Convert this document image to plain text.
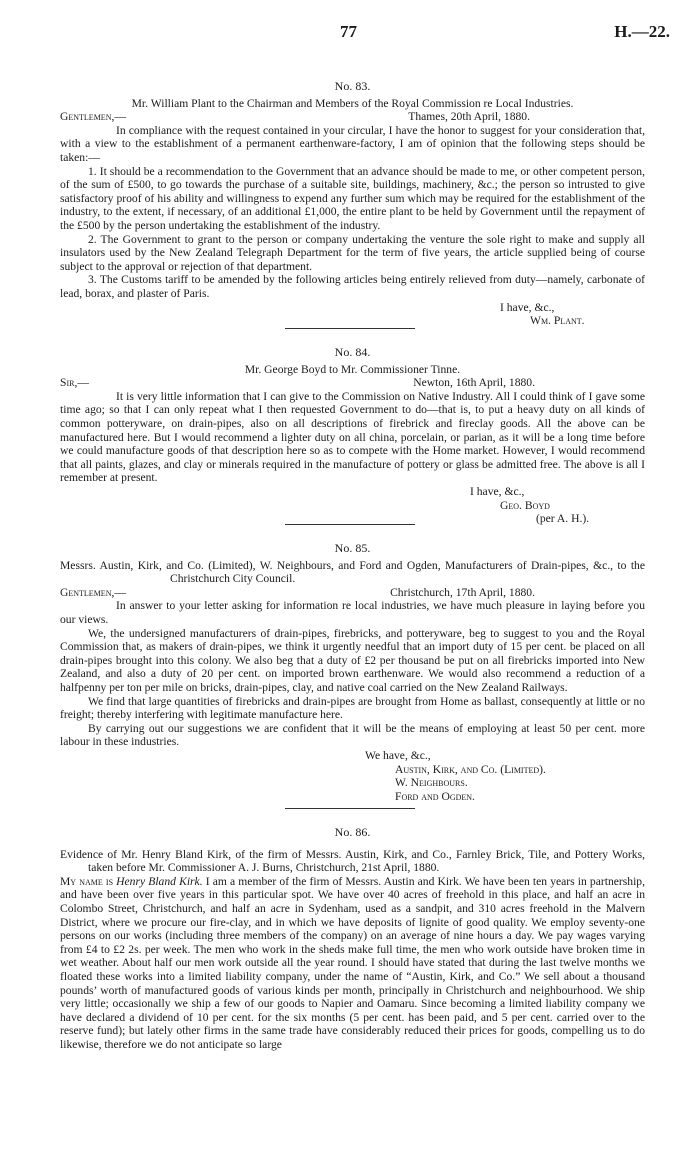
77	H.—22.

No. 83.

Mr. William Plant to the Chairman and Members of the Royal Commission re Local Industries.

Gentlemen,—	Thames, 20th April, 1880.

In compliance with the request contained in your circular, I have the honor to suggest for your consideration that, with a view to the establishment of a permanent earthenware-factory, I am of opinion that the following steps should be taken:—

1. It should be a recommendation to the Government that an advance should be made to me, or other competent person, of the sum of £500, to go towards the purchase of a suitable site, buildings, machinery, &c.; the person so intrusted to give satisfactory proof of his ability and willingness to expend any further sum which may be required for the establishment of the industry, to the extent, if necessary, of an additional £1,000, the entire plant to be held by Government until the repayment of the £500 by the person undertaking the establishment of the industry.

2. The Government to grant to the person or company undertaking the venture the sole right to make and supply all insulators used by the New Zealand Telegraph Department for the term of five years, the article supplied being of course subject to the approval or rejection of that department.

3. The Customs tariff to be amended by the following articles being entirely relieved from duty—namely, carbonate of lead, borax, and plaster of Paris.

I have, &c.,

Wm. Plant.

No. 84.

Mr. George Boyd to Mr. Commissioner Tinne.

Sir,—	Newton, 16th April, 1880.

It is very little information that I can give to the Commission on Native Industry. All I could think of I gave some time ago; so that I can only repeat what I then requested Government to do—that is, to put a heavy duty on all kinds of common potteryware, on drain-pipes, also on all descriptions of firebrick and fireclay goods. All the above can be manufactured here. But I would recommend a lighter duty on all china, porcelain, or parian, as it will be a long time before we could manufacture goods of that description here so as to compete with the Home market. However, I would recommend that all paints, glazes, and clay or minerals required in the manufacture of pottery or glass be admitted free. The above is all I remember at present.

I have, &c.,

Geo. Boyd

(per A. H.).

No. 85.

Messrs. Austin, Kirk, and Co. (Limited), W. Neighbours, and Ford and Ogden, Manufacturers of Drain-pipes, &c., to the Christchurch City Council.

Gentlemen,—	Christchurch, 17th April, 1880.

In answer to your letter asking for information re local industries, we have much pleasure in laying before you our views.

We, the undersigned manufacturers of drain-pipes, firebricks, and potteryware, beg to suggest to you and the Royal Commission that, as makers of drain-pipes, we think it urgently needful that an import duty of 15 per cent. be placed on all drain-pipes brought into this colony. We also beg that a duty of £2 per thousand be put on all firebricks imported into New Zealand, and also a duty of 20 per cent. on imported brown earthenware. We would also recommend a reduction of a halfpenny per ton per mile on bricks, drain-pipes, clay, and native coal carried on the New Zealand Railways.

We find that large quantities of firebricks and drain-pipes are brought from Home as ballast, consequently at little or no freight; thereby interfering with legitimate manufacture here.

By carrying out our suggestions we are confident that it will be the means of employing at least 50 per cent. more labour in these industries.

We have, &c.,

Austin, Kirk, and Co. (Limited).

W. Neighbours.

Ford and Ogden.

No. 86.

Evidence of Mr. Henry Bland Kirk, of the firm of Messrs. Austin, Kirk, and Co., Farnley Brick, Tile, and Pottery Works, taken before Mr. Commissioner A. J. Burns, Christchurch, 21st April, 1880.

My name is Henry Bland Kirk. I am a member of the firm of Messrs. Austin and Kirk. We have been ten years in partnership, and have been over five years in this particular spot. We have over 40 acres of freehold in this place, and half an acre in Colombo Street, Christchurch, and half an acre in Sydenham, used as a sandpit, and 310 acres freehold in the Malvern District, where we procure our fire-clay, and in which we have deposits of lignite of good quality. We employ seventy-one persons on our works (including three members of the company) on an average of nine hours a day. We pay wages varying from £4 to £2 2s. per week. The men who work in the sheds make full time, the men who work outside have broken time in wet weather. About half our men work outside all the year round. I should have stated that during the last twelve months we floated these works into a limited liability company, under the name of “Austin, Kirk, and Co.” We sell about a thousand pounds’ worth of manufactured goods of various kinds per month, principally in Christchurch and neighbourhood. We ship very little; occasionally we ship a few of our goods to Napier and Oamaru. Since becoming a limited liability company we have declared a dividend of 10 per cent. for the six months (5 per cent. has been paid, and 5 per cent. carried over to the reserve fund); but lately other firms in the same trade have considerably reduced their prices for goods, compelling us to do likewise, therefore we do not anticipate so large
